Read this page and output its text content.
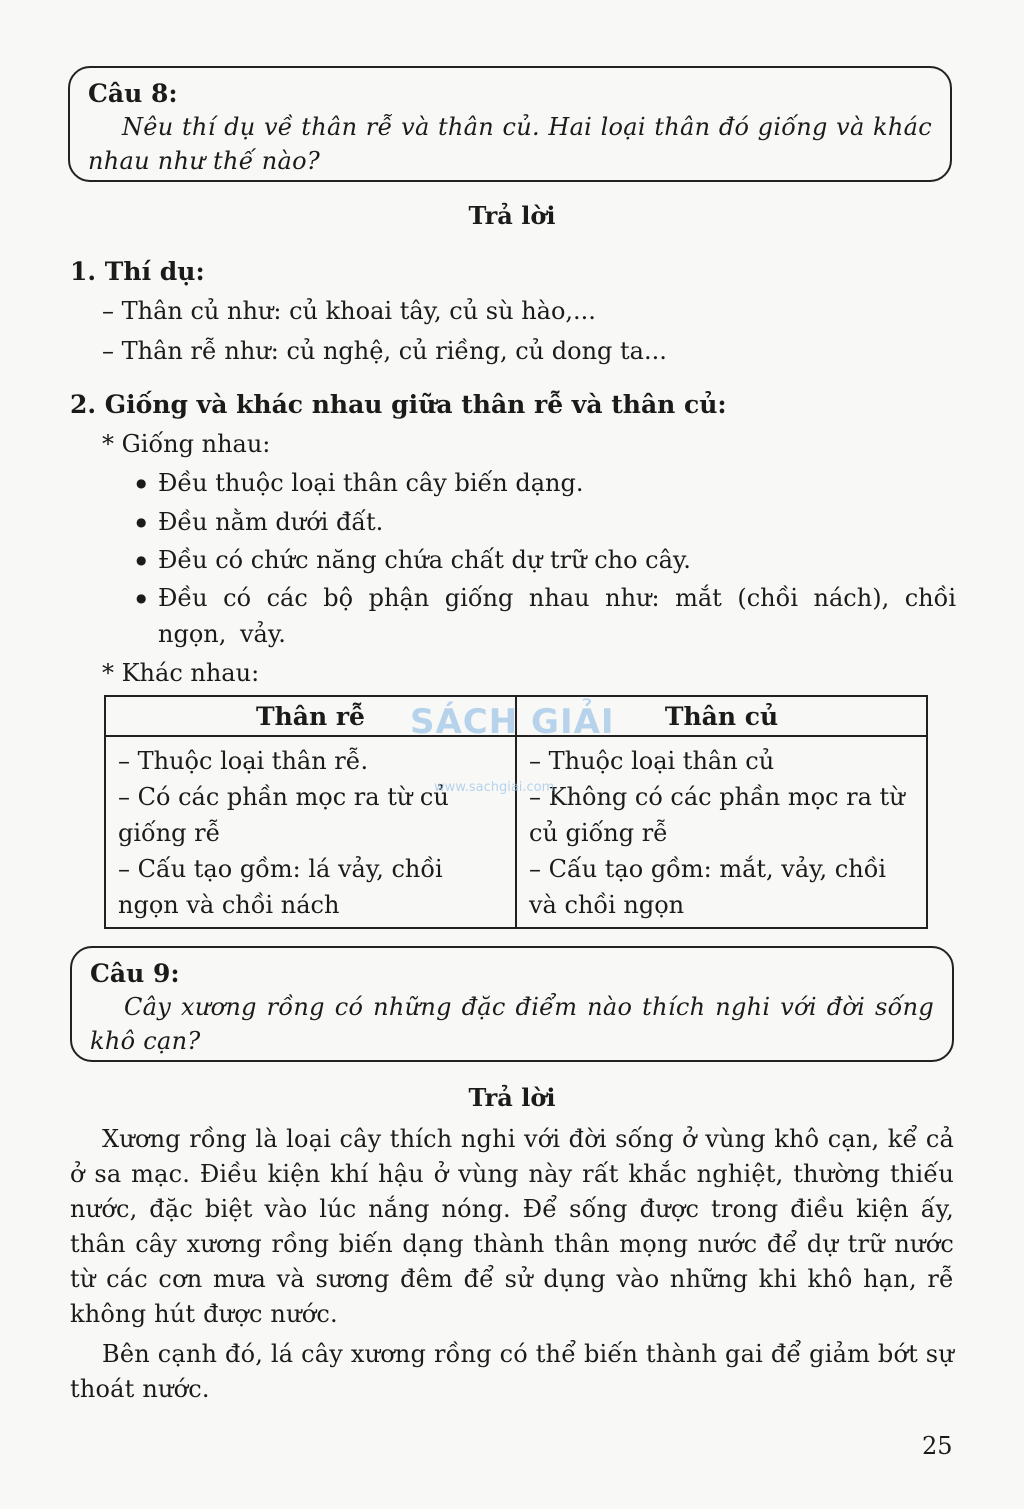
Câu 8:

Nêu thí dụ về thân rễ và thân củ. Hai loại thân đó giống và khác nhau như thế nào?

Trả lời
1. Thí dụ:
– Thân củ như: củ khoai tây, củ sù hào,...
– Thân rễ như: củ nghệ, củ riềng, củ dong ta...
2. Giống và khác nhau giữa thân rễ và thân củ:
* Giống nhau:
● Đều thuộc loại thân cây biến dạng.
● Đều nằm dưới đất.
● Đều có chức năng chứa chất dự trữ cho cây.
● Đều có các bộ phận giống nhau như: mắt (chồi nách), chồi ngọn, vảy.
* Khác nhau:
Thân rễ	Thân củ

– Thuộc loại thân rễ.
– Có các phần mọc ra từ củ giống rễ
– Cấu tạo gồm: lá vảy, chồi ngọn và chồi nách	– Thuộc loại thân củ
– Không có các phần mọc ra từ củ giống rễ
– Cấu tạo gồm: mắt, vảy, chồi và chồi ngọn
SÁCH GIẢI
www.sachgiai.com

Câu 9:

Cây xương rồng có những đặc điểm nào thích nghi với đời sống khô cạn?

Trả lời

Xương rồng là loại cây thích nghi với đời sống ở vùng khô cạn, kể cả ở sa mạc. Điều kiện khí hậu ở vùng này rất khắc nghiệt, thường thiếu nước, đặc biệt vào lúc nắng nóng. Để sống được trong điều kiện ấy, thân cây xương rồng biến dạng thành thân mọng nước để dự trữ nước từ các cơn mưa và sương đêm để sử dụng vào những khi khô hạn, rễ không hút được nước.

Bên cạnh đó, lá cây xương rồng có thể biến thành gai để giảm bớt sự thoát nước.

25
